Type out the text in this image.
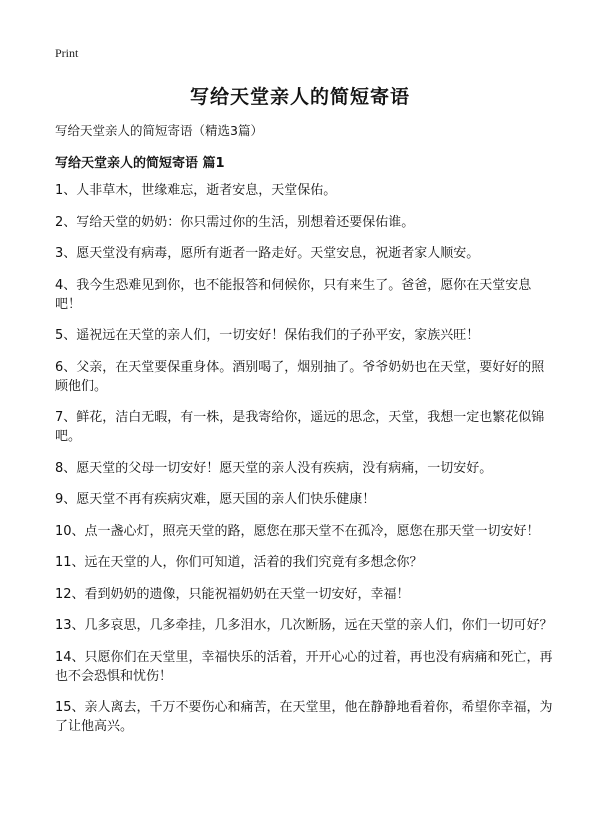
Print
写给天堂亲人的简短寄语
写给天堂亲人的简短寄语（精选3篇）
写给天堂亲人的简短寄语 篇1
1、人非草木，世缘难忘，逝者安息，天堂保佑。
2、写给天堂的奶奶：你只需过你的生活，别想着还要保佑谁。
3、愿天堂没有病毒，愿所有逝者一路走好。天堂安息，祝逝者家人顺安。
4、我今生恐难见到你，也不能报答和伺候你，只有来生了。爸爸，愿你在天堂安息吧！
5、遥祝远在天堂的亲人们，一切安好！保佑我们的子孙平安，家族兴旺！
6、父亲，在天堂要保重身体。酒别喝了，烟别抽了。爷爷奶奶也在天堂，要好好的照顾他们。
7、鲜花，洁白无暇，有一株，是我寄给你，遥远的思念，天堂，我想一定也繁花似锦吧。
8、愿天堂的父母一切安好！愿天堂的亲人没有疾病，没有病痛，一切安好。
9、愿天堂不再有疾病灾难，愿天国的亲人们快乐健康！
10、点一盏心灯，照亮天堂的路，愿您在那天堂不在孤冷，愿您在那天堂一切安好！
11、远在天堂的人，你们可知道，活着的我们究竟有多想念你？
12、看到奶奶的遗像，只能祝福奶奶在天堂一切安好，幸福！
13、几多哀思，几多牵挂，几多泪水，几次断肠，远在天堂的亲人们，你们一切可好？
14、只愿你们在天堂里，幸福快乐的活着，开开心心的过着，再也没有病痛和死亡，再也不会恐惧和忧伤！
15、亲人离去，千万不要伤心和痛苦，在天堂里，他在静静地看着你，希望你幸福，为了让他高兴。
